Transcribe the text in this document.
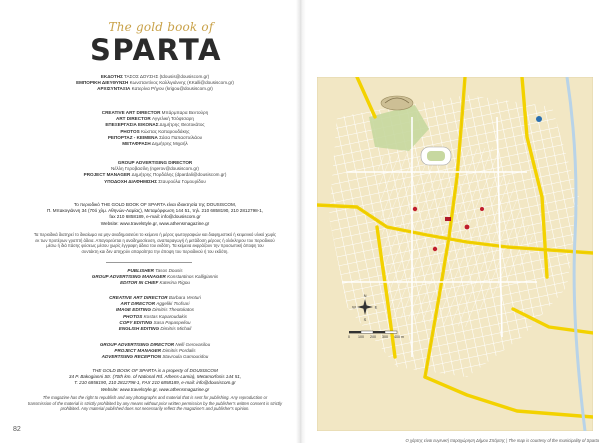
The gold book of
SPARTA
ΕΚΔΟΤΗΣ ΤΑΣΟΣ ΔΟΥΣΗΣ (tdousis@dousiscom.gr)
ΕΜΠΟΡΙΚΗ ΔΙΕΥΘΥΝΣΗ Κωνσταντίνος Καλλιγιάννης (KKalli@dousiscom.gr)
ΑΡΧΙΣΥΝΤΑΞΙΑ Κατερίνα Ρήγου (krigou@dousiscom.gr)
CREATIVE ART DIRECTOR Μπάρμπαρα Βεντούρη
ART DIRECTOR Αγγελική Τσόφτσαρη
ΕΠΕΞΕΡΓΑΣΙΑ ΕΙΚΟΝΑΣ Δημήτρης Θεοτοκάτος
PHOTOS Κώστας Καπαρουδάκης
ΡΕΠΟΡΤΑΖ - ΚΕΙΜΕΝΑ Σάσα Παπασπελιάου
ΜΕΤΑΦΡΑΣΗ Δημήτρης Μιχαήλ
GROUP ADVERTISING DIRECTOR
Νέλλη Γεροβασίλη (ngerov@dousiscom.gr)
PROJECT MANAGER Δημήτρης Πορδάλης (dpardali@dousiscom.gr)
ΥΠΟΔΟΧΗ ΔΙΑΦΗΜΙΣΗΣ Σταυρούλα Γαμουρίδου
Το περιοδικό THE GOLD BOOK OF SPARTA είναι ιδιοκτησία της DOUSISCOM,
Π. Μπακογιάννη 34 (70ό χλμ. Αθηνών-Λαμίας), Μεταμόρφωση 144 51, τηλ. 210 6858190, 210 2812798-1,
fax 210 6858189, e-mail: info@dousiscom.gr
Website: www.travelstyle.gr, www.athensmagazine.gr
Τα περιοδικά διατηρεί το δικαίωμα να μην αναδημοσιεύει το κείμενο ή μέρος φωτογραφιών και διαφημιστικό ή κειμενικό υλικό χωρίς
εκ των προτέρων γραπτή άδεια. Απαγορεύεται η αναδημοσίευση, αναπαραγωγή ή μετάδοση μέρους ή ολόκληρου του περιοδικού
μέσω ή διά πάσης φύσεως μέσου χωρίς έγγραφη άδεια του εκδότη. Τα κείμενα εκφράζουν την προσωπική άποψη του
συντάκτη και δεν απηχούν απαραίτητα την άποψη του περιοδικού ή του εκδότη.
PUBLISHER Tasos Dousis
GROUP ADVERTISING MANAGER Konstantinos Kalligiannis
EDITOR IN CHIEF Katerina Rigou
CREATIVE ART DIRECTOR Barbara Venturi
ART DIRECTOR Aggeliki Tsofsari
IMAGE EDITING Dimitris Theotokatos
PHOTOS Kostas Kaparoudakis
COPY EDITING Sasa Papaspeliou
ENGLISH EDITING Dimitris Michail
GROUP ADVERTISING DIRECTOR Nelli Gerovasilou
PROJECT MANAGER Dimitris Pordalis
ADVERTISING RECEPTION Stavroula Gamouridou
THE GOLD BOOK OF SPARTA is a property of DOUSISCOM
34 P. Bakogianni Str. (70th km. of National Rd. Athens-Lamia), Metamorfosis 144 51,
T. 210 6858190, 210 2812798-1, FAX 210 6858189, e-mail: info@dousiscom.gr
Website: www.travelstyle.gr, www.athensmagazine.gr
The magazine has the right to republish and any photographs and material that is sent for publishing. Any reproduction or
transmission of the material is strictly prohibited by any means without prior written permission by the publisher's written consent is strictly
prohibited. Any material published does not necessarily reflect the magazine's and publisher's opinion.
82
N
S
E
W
0 100 200 300 400 m
Ο χάρτης είναι ευγενική παραχώρηση Δήμου Σπάρτης | The map is courtesy of the municipality of Sparta
